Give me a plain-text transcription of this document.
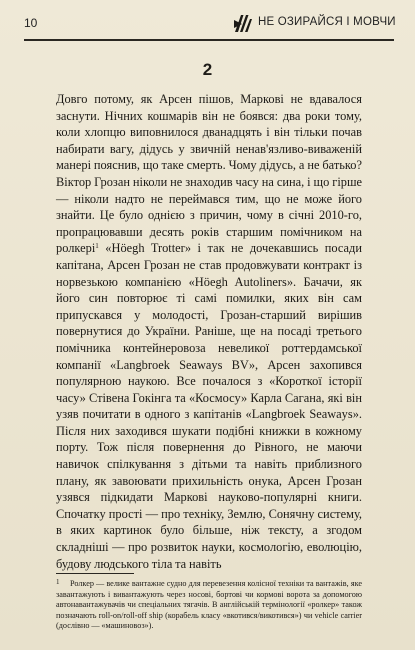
10	НЕ ОЗИРАЙСЯ І МОВЧИ
2

Довго потому, як Арсен пішов, Маркові не вдавалося заснути. Нічних кошмарів він не боявся: два роки тому, коли хлопцю виповнилося дванадцять і він тільки почав набирати вагу, дідусь у звичній ненав'язливо-виваженій манері пояснив, що таке смерть. Чому дідусь, а не батько? Віктор Грозан ніколи не знаходив часу на сина, і що гірше — ніколи надто не переймався тим, що не може його знайти. Це було однією з причин, чому в січні 2010-го, пропрацювавши десять років старшим помічником на ролкері$^1$ «Höegh Trotter» і так не дочекавшись посади капітана, Арсен Грозан не став продовжувати контракт із норвезькою компанією «Höegh Autoliners». Бачачи, як його син повторює ті самі помилки, яких він сам припускався у молодості, Грозан-старший вирішив повернутися до України. Раніше, ще на посаді третього помічника контейнеровоза невеликої роттердамської компанії «Langbroek Seaways BV», Арсен захопився популярною наукою. Все почалося з «Короткої історії часу» Стівена Гокінга та «Космосу» Карла Сагана, які він узяв почитати в одного з капітанів «Langbroek Seaways». Після них заходився шукати подібні книжки в кожному порту. Тож після повернення до Рівного, не маючи навичок спілкування з дітьми та навіть приблизного плану, як завоювати прихильність онука, Арсен Грозан узявся підкидати Маркові науково-популярні книги. Спочатку прості — про техніку, Землю, Сонячну систему, в яких картинок було більше, ніж тексту, а згодом складніші — про розвиток науки, космологію, еволюцію, будову людського тіла та навіть

1 Ролкер — велике вантажне судно для перевезення колісної техніки та вантажів, яке завантажують і вивантажують через носові, бортові чи кормові ворота за допомогою автонавантажувачів чи спеціальних тягачів. В англійській термінології «ролкер» також позначають roll-on/roll-off ship (корабель класу «вкотився/викотився») чи vehicle carrier (дослівно — «машиновоз»).
